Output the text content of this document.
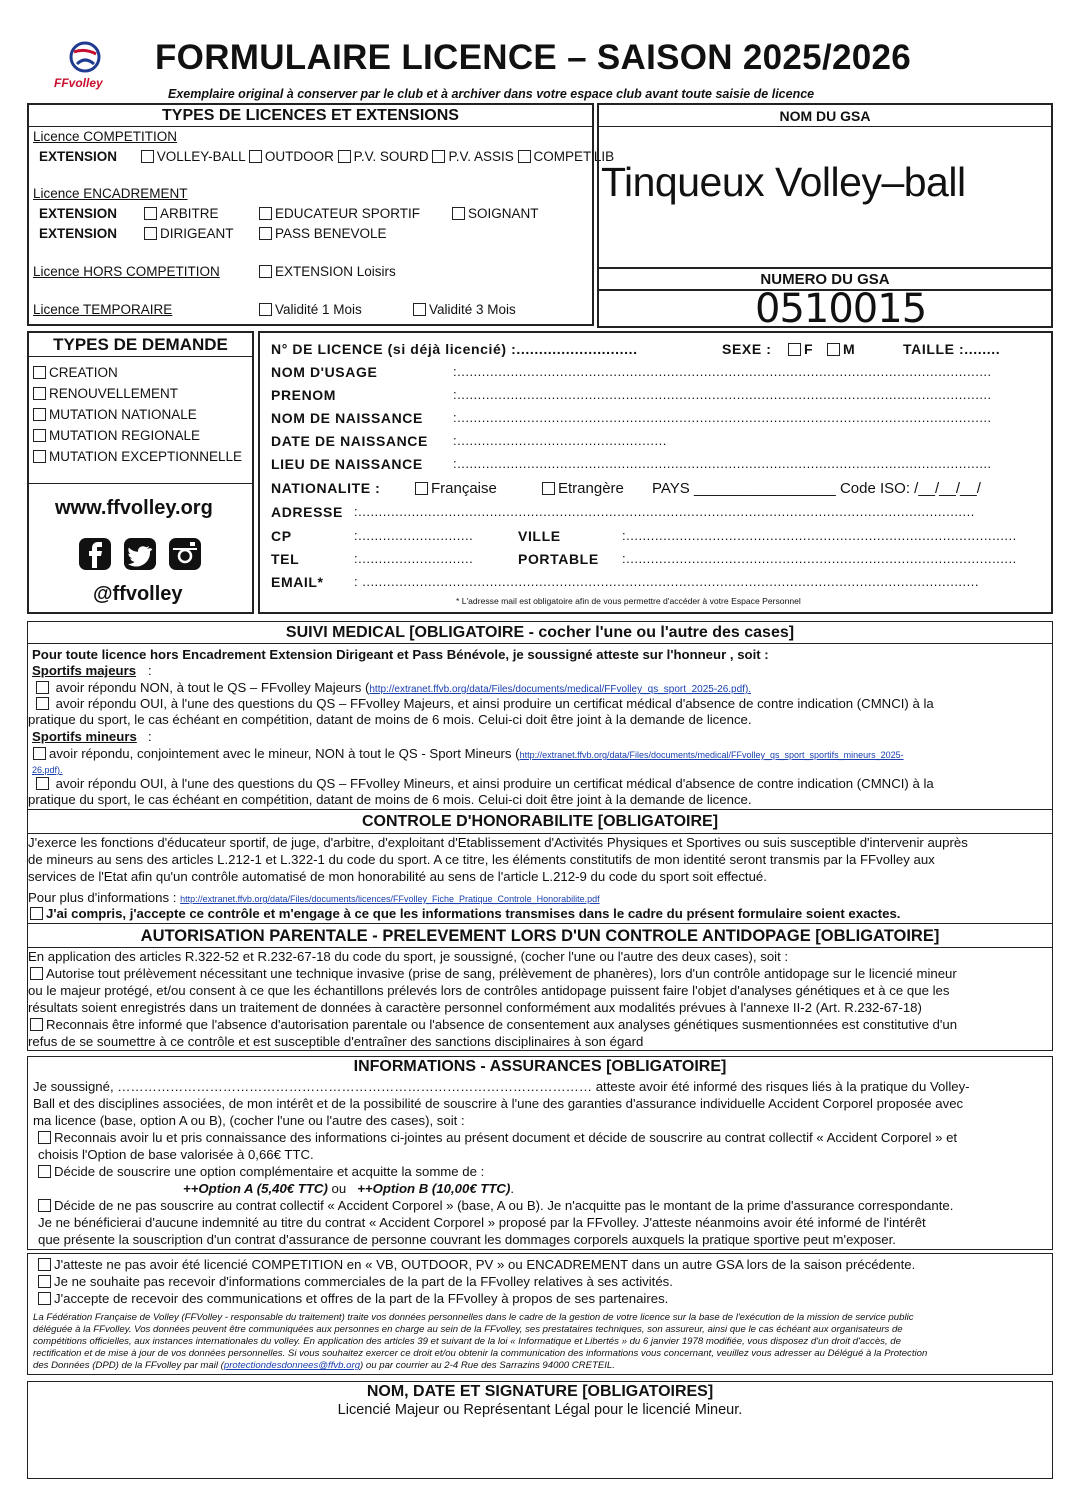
FFvolley
FORMULAIRE LICENCE – SAISON 2025/2026
Exemplaire original à conserver par le club et à archiver dans votre espace club avant toute saisie de licence
TYPES DE LICENCES ET EXTENSIONS
Licence COMPETITION
EXTENSION	VOLLEY-BALL OUTDOOR P.V. SOURD P.V. ASSIS COMPET'LIB
Licence ENCADREMENT
EXTENSION	ARBITRE	EDUCATEUR SPORTIF	SOIGNANT
EXTENSION	DIRIGEANT	PASS BENEVOLE
Licence HORS COMPETITION	EXTENSION Loisirs
Licence TEMPORAIRE	Validité 1 Mois	Validité 3 Mois
NOM DU GSA
Tinqueux Volley–ball
NUMERO DU GSA
0510015
TYPES DE DEMANDE
CREATION
RENOUVELLEMENT
MUTATION NATIONALE
MUTATION REGIONALE
MUTATION EXCEPTIONNELLE
www.ffvolley.org
@ffvolley
N° DE LICENCE (si déjà licencié) :...........................	SEXE :	F	M	TAILLE :........
NOM D'USAGE	:..................................................................................................................................
PRENOM	:..................................................................................................................................
NOM DE NAISSANCE :..................................................................................................................................
DATE DE NAISSANCE :...................................................
LIEU DE NAISSANCE :..................................................................................................................................
NATIONALITE :	Française	Etrangère PAYS _________________ Code ISO: /__/__/__/
ADRESSE :......................................................................................................................................................
CP	:............................	VILLE	:...............................................................................................
TEL	:............................	PORTABLE :...............................................................................................
EMAIL* : ......................................................................................................................................................
* L'adresse mail est obligatoire afin de vous permettre d'accéder à votre Espace Personnel
SUIVI MEDICAL [OBLIGATOIRE - cocher l'une ou l'autre des cases]
Pour toute licence hors Encadrement Extension Dirigeant et Pass Bénévole, je soussigné atteste sur l'honneur , soit :
Sportifs majeurs :
avoir répondu NON, à tout le QS – FFvolley Majeurs (http://extranet.ffvb.org/data/Files/documents/medical/FFvolley_qs_sport_2025-26.pdf).
avoir répondu OUI, à l'une des questions du QS – FFvolley Majeurs, et ainsi produire un certificat médical d'absence de contre indication (CMNCI) à la
pratique du sport, le cas échéant en compétition, datant de moins de 6 mois. Celui-ci doit être joint à la demande de licence.
Sportifs mineurs :
avoir répondu, conjointement avec le mineur, NON à tout le QS - Sport Mineurs (http://extranet.ffvb.org/data/Files/documents/medical/FFvolley_qs_sport_sportifs_mineurs_2025-
26.pdf).
avoir répondu OUI, à l'une des questions du QS – FFvolley Mineurs, et ainsi produire un certificat médical d'absence de contre indication (CMNCI) à la
pratique du sport, le cas échéant en compétition, datant de moins de 6 mois. Celui-ci doit être joint à la demande de licence.
CONTROLE D'HONORABILITE [OBLIGATOIRE]
J'exerce les fonctions d'éducateur sportif, de juge, d'arbitre, d'exploitant d'Etablissement d'Activités Physiques et Sportives ou suis susceptible d'intervenir auprès
de mineurs au sens des articles L.212-1 et L.322-1 du code du sport. A ce titre, les éléments constitutifs de mon identité seront transmis par la FFvolley aux
services de l'Etat afin qu'un contrôle automatisé de mon honorabilité au sens de l'article L.212-9 du code du sport soit effectué.
Pour plus d'informations : http://extranet.ffvb.org/data/Files/documents/licences/FFvolley_Fiche_Pratique_Controle_Honorabilite.pdf
J'ai compris, j'accepte ce contrôle et m'engage à ce que les informations transmises dans le cadre du présent formulaire soient exactes.
AUTORISATION PARENTALE - PRELEVEMENT LORS D'UN CONTROLE ANTIDOPAGE [OBLIGATOIRE]
En application des articles R.322-52 et R.232-67-18 du code du sport, je soussigné, (cocher l'une ou l'autre des deux cases), soit :
Autorise tout prélèvement nécessitant une technique invasive (prise de sang, prélèvement de phanères), lors d'un contrôle antidopage sur le licencié mineur
ou le majeur protégé, et/ou consent à ce que les échantillons prélevés lors de contrôles antidopage puissent faire l'objet d'analyses génétiques et à ce que les
résultats soient enregistrés dans un traitement de données à caractère personnel conformément aux modalités prévues à l'annexe II-2 (Art. R.232-67-18)
Reconnais être informé que l'absence d'autorisation parentale ou l'absence de consentement aux analyses génétiques susmentionnées est constitutive d'un
refus de se soumettre à ce contrôle et est susceptible d'entraîner des sanctions disciplinaires à son égard
INFORMATIONS - ASSURANCES [OBLIGATOIRE]
Je soussigné, ……………………………………………………………………………………………… atteste avoir été informé des risques liés à la pratique du Volley-
Ball et des disciplines associées, de mon intérêt et de la possibilité de souscrire à l'une des garanties d'assurance individuelle Accident Corporel proposée avec
ma licence (base, option A ou B), (cocher l'une ou l'autre des cases), soit :
Reconnais avoir lu et pris connaissance des informations ci-jointes au présent document et décide de souscrire au contrat collectif « Accident Corporel » et
choisis l'Option de base valorisée à 0,66€ TTC.
Décide de souscrire une option complémentaire et acquitte la somme de :
++Option A (5,40€ TTC) ou ++Option B (10,00€ TTC).
Décide de ne pas souscrire au contrat collectif « Accident Corporel » (base, A ou B). Je n'acquitte pas le montant de la prime d'assurance correspondante.
Je ne bénéficierai d'aucune indemnité au titre du contrat « Accident Corporel » proposé par la FFvolley. J'atteste néanmoins avoir été informé de l'intérêt
que présente la souscription d'un contrat d'assurance de personne couvrant les dommages corporels auxquels la pratique sportive peut m'exposer.
J'atteste ne pas avoir été licencié COMPETITION en « VB, OUTDOOR, PV » ou ENCADREMENT dans un autre GSA lors de la saison précédente.
Je ne souhaite pas recevoir d'informations commerciales de la part de la FFvolley relatives à ses activités.
J'accepte de recevoir des communications et offres de la part de la FFvolley à propos de ses partenaires.
La Fédération Française de Volley (FFVolley - responsable du traitement) traite vos données personnelles dans le cadre de la gestion de votre licence sur la base de l'exécution de la mission de service public
déléguée à la FFvolley. Vos données peuvent être communiquées aux personnes en charge au sein de la FFvolley, ses prestataires techniques, son assureur, ainsi que le cas échéant aux organisateurs de
compétitions officielles, aux instances internationales du volley. En application des articles 39 et suivant de la loi « Informatique et Libertés » du 6 janvier 1978 modifiée, vous disposez d'un droit d'accès, de
rectification et de mise à jour de vos données personnelles. Si vous souhaitez exercer ce droit et/ou obtenir la communication des informations vous concernant, veuillez vous adresser au Délégué à la Protection
des Données (DPD) de la FFvolley par mail (protectiondesdonnees@ffvb.org) ou par courrier au 2-4 Rue des Sarrazins 94000 CRETEIL.
NOM, DATE ET SIGNATURE [OBLIGATOIRES]
Licencié Majeur ou Représentant Légal pour le licencié Mineur.
